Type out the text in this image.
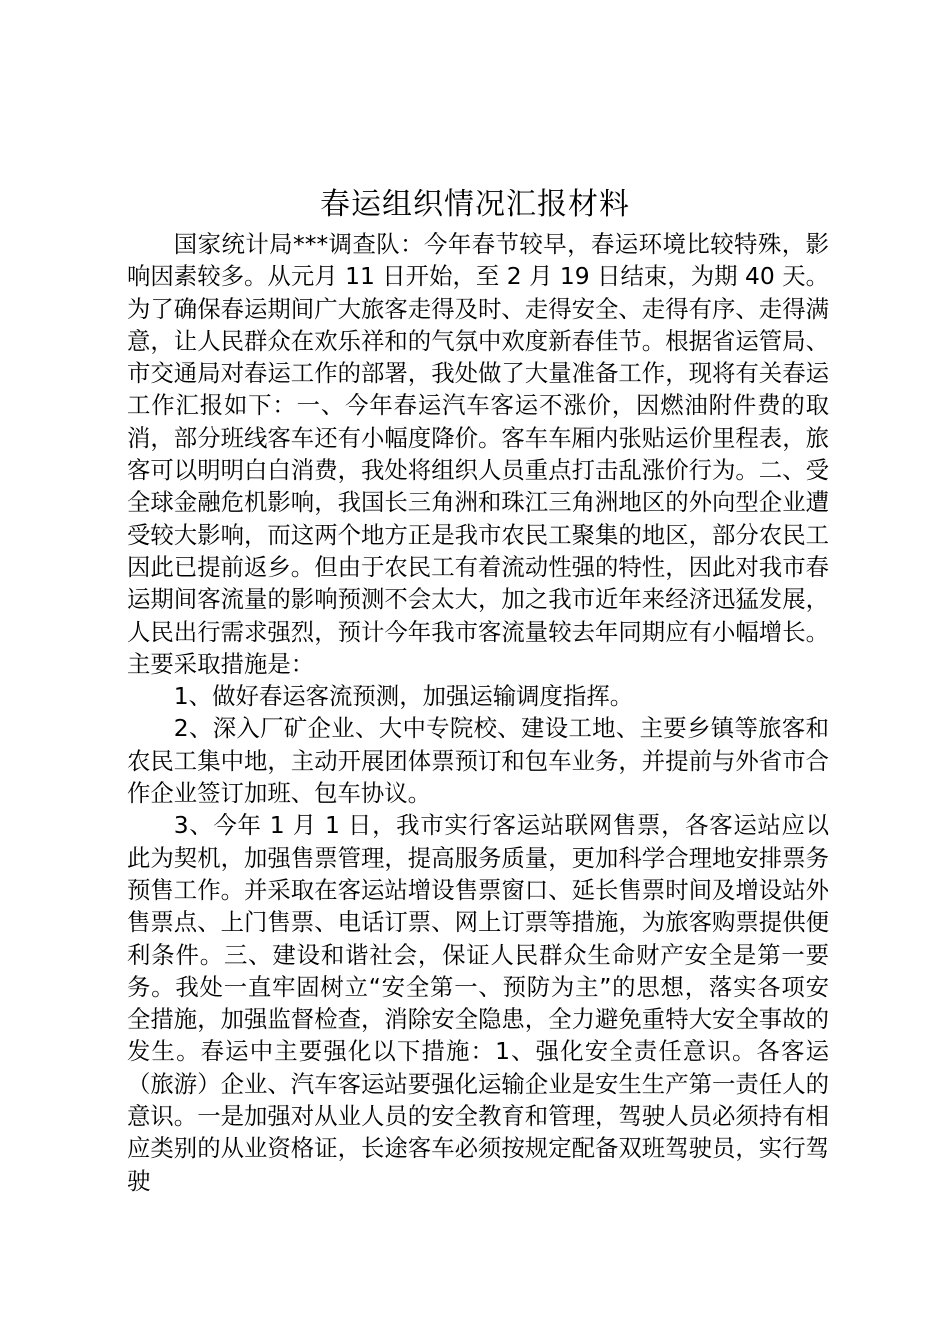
春运组织情况汇报材料

国家统计局***调查队：今年春节较早，春运环境比较特殊，影响因素较多。从元月 11 日开始，至 2 月 19 日结束，为期 40 天。为了确保春运期间广大旅客走得及时、走得安全、走得有序、走得满意，让人民群众在欢乐祥和的气氛中欢度新春佳节。根据省运管局、市交通局对春运工作的部署，我处做了大量准备工作，现将有关春运工作汇报如下：一、今年春运汽车客运不涨价，因燃油附件费的取消，部分班线客车还有小幅度降价。客车车厢内张贴运价里程表，旅客可以明明白白消费，我处将组织人员重点打击乱涨价行为。二、受全球金融危机影响，我国长三角洲和珠江三角洲地区的外向型企业遭受较大影响，而这两个地方正是我市农民工聚集的地区，部分农民工因此已提前返乡。但由于农民工有着流动性强的特性，因此对我市春运期间客流量的影响预测不会太大，加之我市近年来经济迅猛发展，人民出行需求强烈，预计今年我市客流量较去年同期应有小幅增长。主要采取措施是：

1、做好春运客流预测，加强运输调度指挥。

2、深入厂矿企业、大中专院校、建设工地、主要乡镇等旅客和农民工集中地，主动开展团体票预订和包车业务，并提前与外省市合作企业签订加班、包车协议。

3、今年 1 月 1 日，我市实行客运站联网售票，各客运站应以此为契机，加强售票管理，提高服务质量，更加科学合理地安排票务预售工作。并采取在客运站增设售票窗口、延长售票时间及增设站外售票点、上门售票、电话订票、网上订票等措施，为旅客购票提供便利条件。三、建设和谐社会，保证人民群众生命财产安全是第一要务。我处一直牢固树立“安全第一、预防为主”的思想，落实各项安全措施，加强监督检查，消除安全隐患，全力避免重特大安全事故的发生。春运中主要强化以下措施：1、强化安全责任意识。各客运（旅游）企业、汽车客运站要强化运输企业是安生生产第一责任人的意识。一是加强对从业人员的安全教育和管理，驾驶人员必须持有相应类别的从业资格证，长途客车必须按规定配备双班驾驶员，实行驾驶
